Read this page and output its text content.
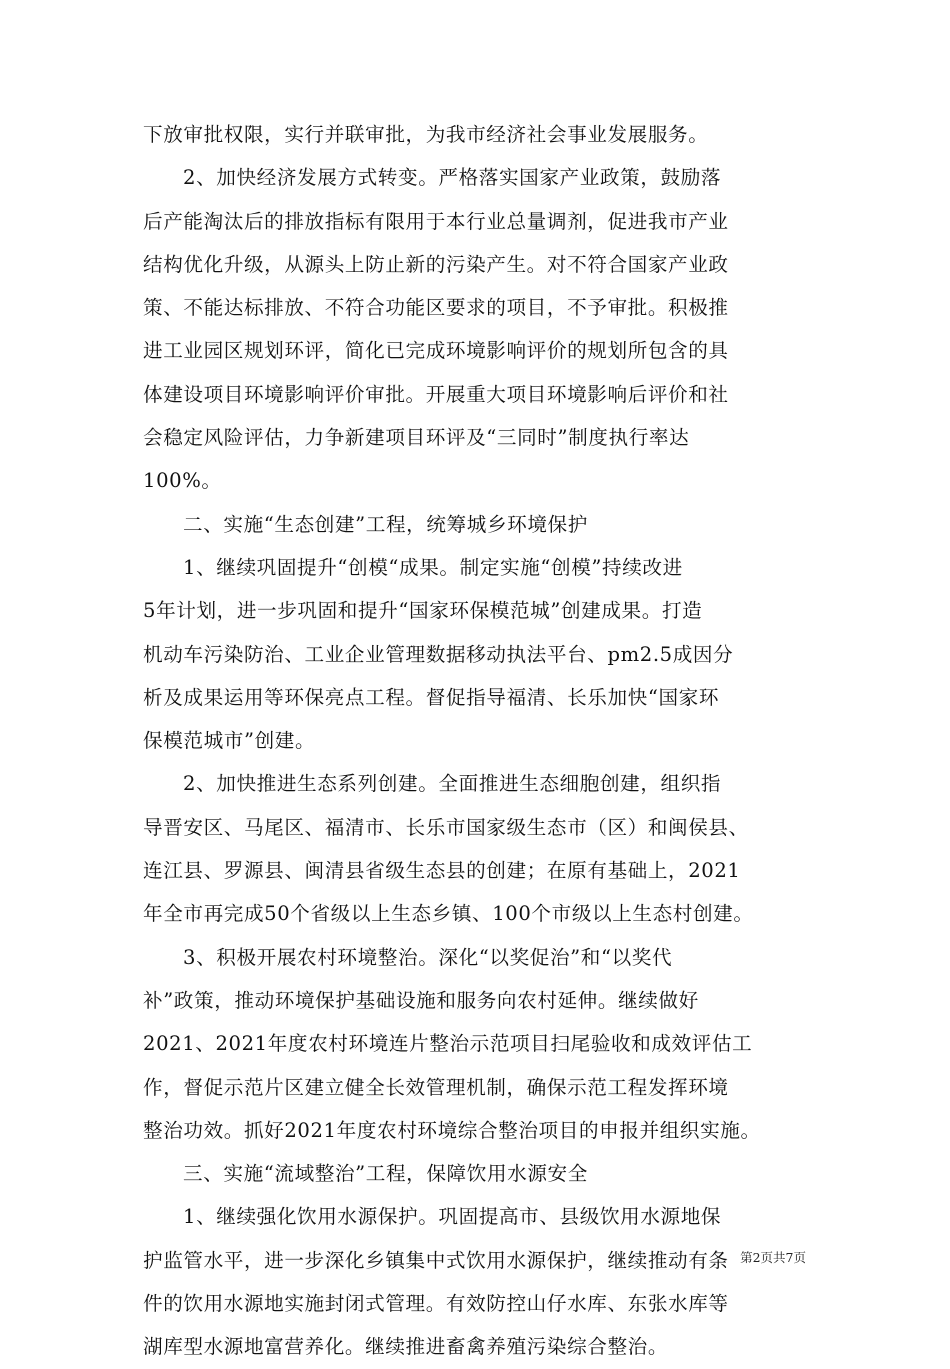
下放审批权限，实行并联审批，为我市经济社会事业发展服务。
2、加快经济发展方式转变。严格落实国家产业政策，鼓励落
后产能淘汰后的排放指标有限用于本行业总量调剂，促进我市产业
结构优化升级，从源头上防止新的污染产生。对不符合国家产业政
策、不能达标排放、不符合功能区要求的项目，不予审批。积极推
进工业园区规划环评，简化已完成环境影响评价的规划所包含的具
体建设项目环境影响评价审批。开展重大项目环境影响后评价和社
会稳定风险评估，力争新建项目环评及“三同时”制度执行率达
100%。
二、实施“生态创建”工程，统筹城乡环境保护
1、继续巩固提升“创模“成果。制定实施“创模”持续改进
5年计划，进一步巩固和提升“国家环保模范城”创建成果。打造
机动车污染防治、工业企业管理数据移动执法平台、pm2.5成因分
析及成果运用等环保亮点工程。督促指导福清、长乐加快“国家环
保模范城市”创建。
2、加快推进生态系列创建。全面推进生态细胞创建，组织指
导晋安区、马尾区、福清市、长乐市国家级生态市（区）和闽侯县、
连江县、罗源县、闽清县省级生态县的创建；在原有基础上，2021
年全市再完成50个省级以上生态乡镇、100个市级以上生态村创建。
3、积极开展农村环境整治。深化“以奖促治”和“以奖代
补”政策，推动环境保护基础设施和服务向农村延伸。继续做好
2021、2021年度农村环境连片整治示范项目扫尾验收和成效评估工
作，督促示范片区建立健全长效管理机制，确保示范工程发挥环境
整治功效。抓好2021年度农村环境综合整治项目的申报并组织实施。
三、实施“流域整治”工程，保障饮用水源安全
1、继续强化饮用水源保护。巩固提高市、县级饮用水源地保
护监管水平，进一步深化乡镇集中式饮用水源保护，继续推动有条
件的饮用水源地实施封闭式管理。有效防控山仔水库、东张水库等
湖库型水源地富营养化。继续推进畜禽养殖污染综合整治。
第2页共7页
